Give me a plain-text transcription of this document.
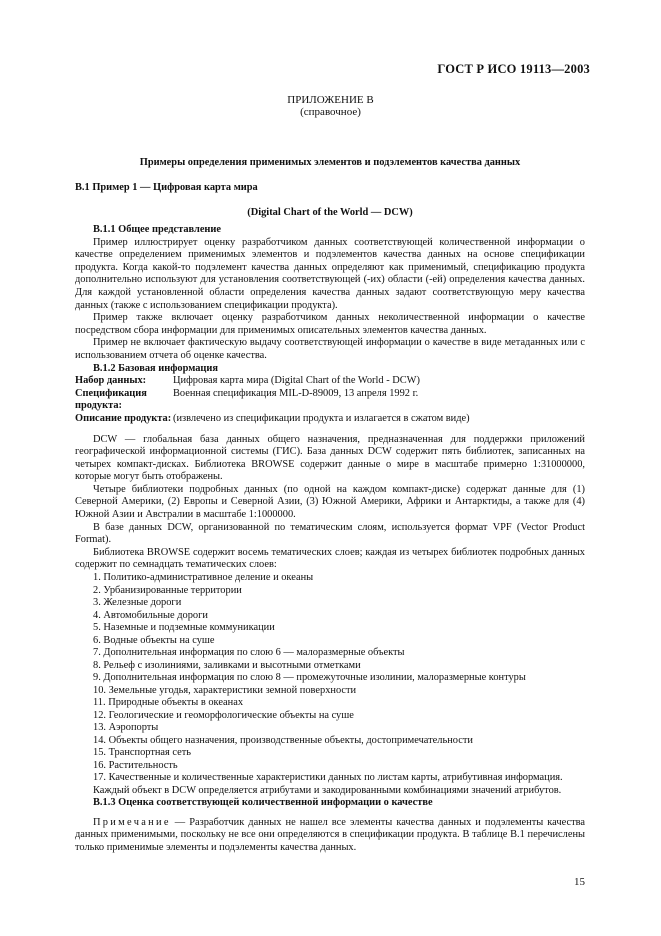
ГОСТ Р ИСО 19113—2003
ПРИЛОЖЕНИЕ В
(справочное)
Примеры определения применимых элементов и подэлементов качества данных
В.1 Пример 1 — Цифровая карта мира
(Digital Chart of the World — DCW)

В.1.1 Общее представление

Пример иллюстрирует оценку разработчиком данных соответствующей количественной информации о качестве определением применимых элементов и подэлементов качества данных на основе спецификации продукта. Когда какой-то подэлемент качества данных определяют как применимый, спецификацию продукта дополнительно используют для установления соответствующей (-их) области (-ей) определения качества данных. Для каждой установленной области определения качества данных задают соответствующую меру качества данных (также с использованием спецификации продукта).

Пример также включает оценку разработчиком данных неколичественной информации о качестве посредством сбора информации для применимых описательных элементов качества данных.

Пример не включает фактическую выдачу соответствующей информации о качестве в виде метаданных или с использованием отчета об оценке качества.

В.1.2 Базовая информация

Набор данных:	Цифровая карта мира (Digital Chart of the World - DCW)
Спецификация продукта:
Военная спецификация MIL-D-89009, 13 апреля 1992 г.
Описание продукта: (извлечено из спецификации продукта и излагается в сжатом виде)

DCW — глобальная база данных общего назначения, предназначенная для поддержки приложений географической информационной системы (ГИС). База данных DCW содержит пять библиотек, записанных на четырех компакт-дисках. Библиотека BROWSE содержит данные о мире в масштабе примерно 1:31000000, которые могут быть отображены.

Четыре библиотеки подробных данных (по одной на каждом компакт-диске) содержат данные для (1) Северной Америки, (2) Европы и Северной Азии, (3) Южной Америки, Африки и Антарктиды, а также для (4) Южной Азии и Австралии в масштабе 1:1000000.

В базе данных DCW, организованной по тематическим слоям, используется формат VPF (Vector Product Format).

Библиотека BROWSE содержит восемь тематических слоев; каждая из четырех библиотек подробных данных содержит по семнадцать тематических слоев:

1. Политико-административное деление и океаны
2. Урбанизированные территории
3. Железные дороги
4. Автомобильные дороги
5. Наземные и подземные коммуникации
6. Водные объекты на суше
7. Дополнительная информация по слою 6 — малоразмерные объекты
8. Рельеф с изолиниями, заливками и высотными отметками
9. Дополнительная информация по слою 8 — промежуточные изолинии, малоразмерные контуры
10. Земельные угодья, характеристики земной поверхности
11. Природные объекты в океанах
12. Геологические и геоморфологические объекты на суше
13. Аэропорты
14. Объекты общего назначения, производственные объекты, достопримечательности
15. Транспортная сеть
16. Растительность
17. Качественные и количественные характеристики данных по листам карты, атрибутивная информация.

Каждый объект в DCW определяется атрибутами и закодированными комбинациями значений атрибутов.

В.1.3 Оценка соответствующей количественной информации о качестве

Примечание — Разработчик данных не нашел все элементы качества данных и подэлементы качества данных применимыми, поскольку не все они определяются в спецификации продукта. В таблице В.1 перечислены только применимые элементы и подэлементы качества данных.

15
